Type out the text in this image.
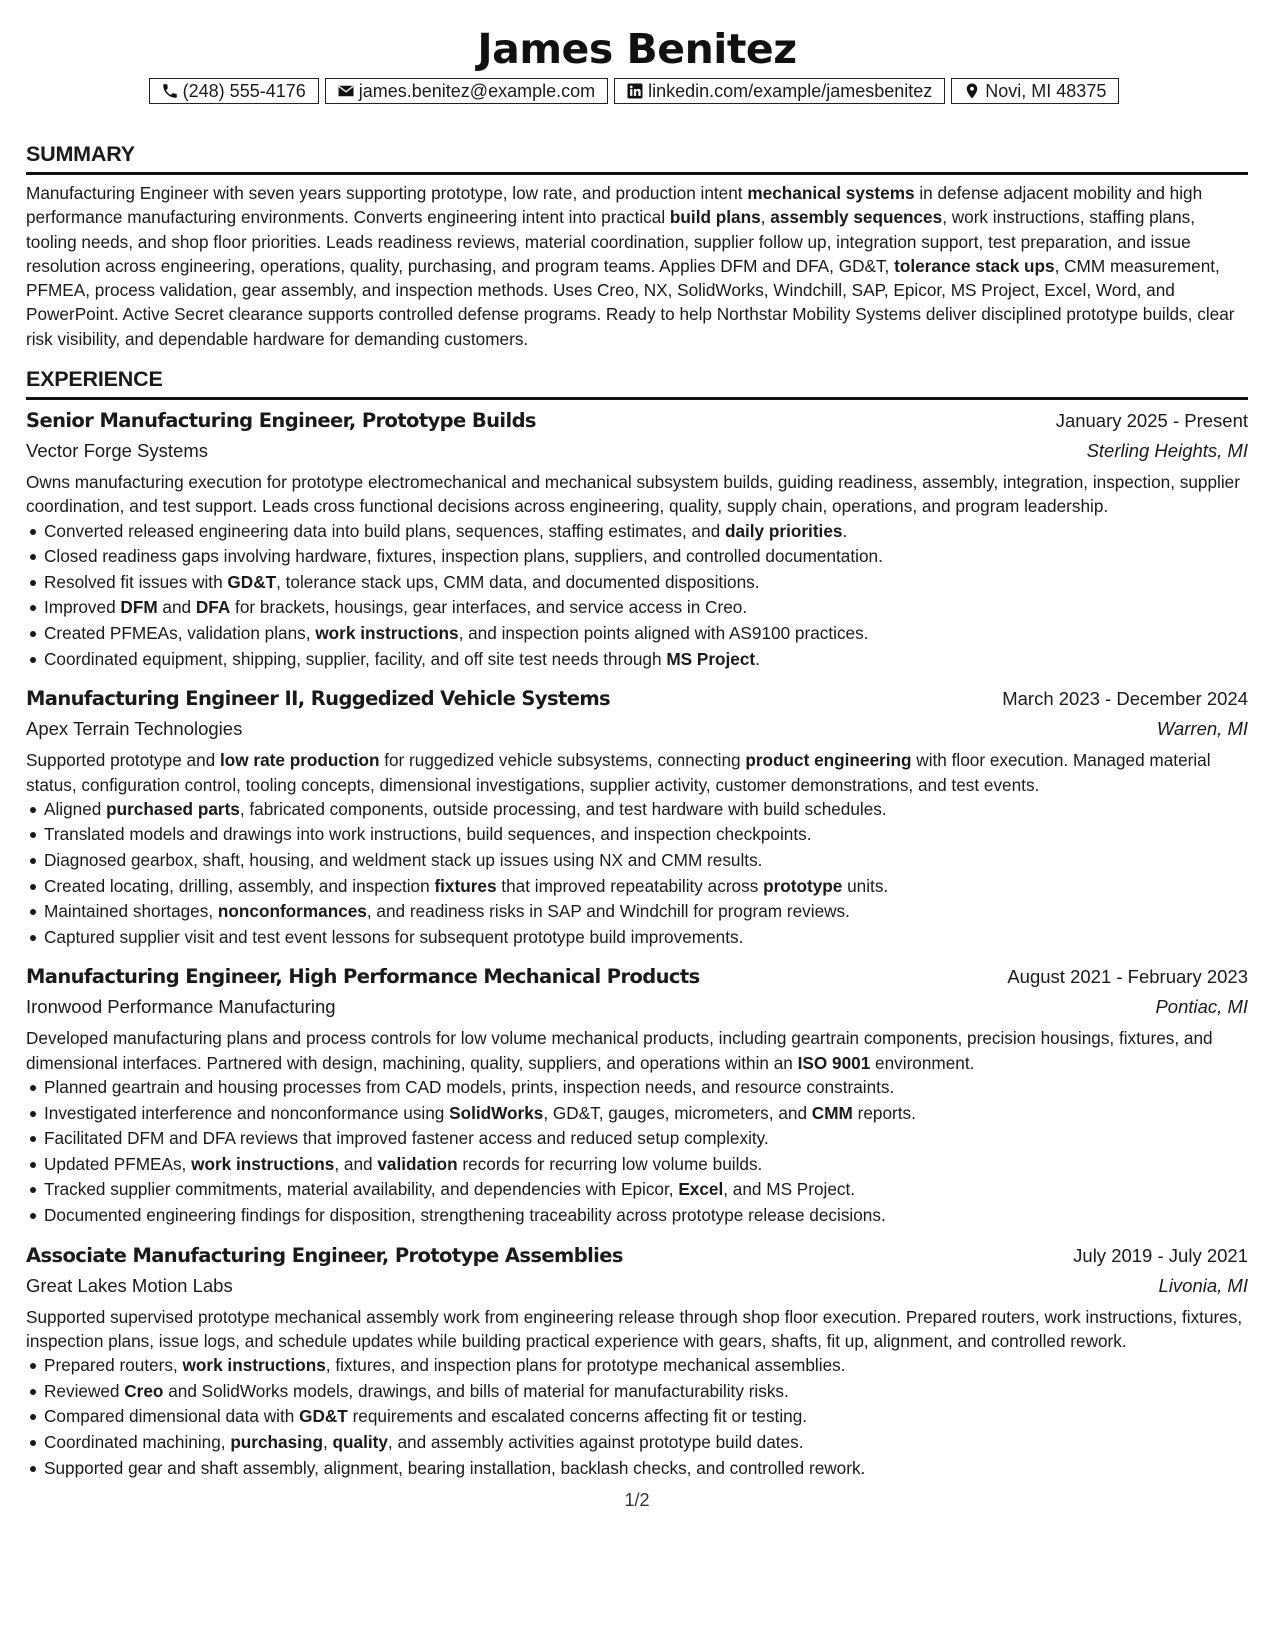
James Benitez
(248) 555-4176	james.benitez@example.com	linkedin.com/example/jamesbenitez	Novi, MI 48375
SUMMARY
Manufacturing Engineer with seven years supporting prototype, low rate, and production intent mechanical systems in defense adjacent mobility and high performance manufacturing environments. Converts engineering intent into practical build plans, assembly sequences, work instructions, staffing plans, tooling needs, and shop floor priorities. Leads readiness reviews, material coordination, supplier follow up, integration support, test preparation, and issue resolution across engineering, operations, quality, purchasing, and program teams. Applies DFM and DFA, GD&T, tolerance stack ups, CMM measurement, PFMEA, process validation, gear assembly, and inspection methods. Uses Creo, NX, SolidWorks, Windchill, SAP, Epicor, MS Project, Excel, Word, and PowerPoint. Active Secret clearance supports controlled defense programs. Ready to help Northstar Mobility Systems deliver disciplined prototype builds, clear risk visibility, and dependable hardware for demanding customers.
EXPERIENCE
Senior Manufacturing Engineer, Prototype Builds	January 2025 - Present
Vector Forge Systems	Sterling Heights, MI
Owns manufacturing execution for prototype electromechanical and mechanical subsystem builds, guiding readiness, assembly, integration, inspection, supplier coordination, and test support. Leads cross functional decisions across engineering, quality, supply chain, operations, and program leadership.
Converted released engineering data into build plans, sequences, staffing estimates, and daily priorities.
Closed readiness gaps involving hardware, fixtures, inspection plans, suppliers, and controlled documentation.
Resolved fit issues with GD&T, tolerance stack ups, CMM data, and documented dispositions.
Improved DFM and DFA for brackets, housings, gear interfaces, and service access in Creo.
Created PFMEAs, validation plans, work instructions, and inspection points aligned with AS9100 practices.
Coordinated equipment, shipping, supplier, facility, and off site test needs through MS Project.
Manufacturing Engineer II, Ruggedized Vehicle Systems	March 2023 - December 2024
Apex Terrain Technologies	Warren, MI
Supported prototype and low rate production for ruggedized vehicle subsystems, connecting product engineering with floor execution. Managed material status, configuration control, tooling concepts, dimensional investigations, supplier activity, customer demonstrations, and test events.
Aligned purchased parts, fabricated components, outside processing, and test hardware with build schedules.
Translated models and drawings into work instructions, build sequences, and inspection checkpoints.
Diagnosed gearbox, shaft, housing, and weldment stack up issues using NX and CMM results.
Created locating, drilling, assembly, and inspection fixtures that improved repeatability across prototype units.
Maintained shortages, nonconformances, and readiness risks in SAP and Windchill for program reviews.
Captured supplier visit and test event lessons for subsequent prototype build improvements.
Manufacturing Engineer, High Performance Mechanical Products	August 2021 - February 2023
Ironwood Performance Manufacturing	Pontiac, MI
Developed manufacturing plans and process controls for low volume mechanical products, including geartrain components, precision housings, fixtures, and dimensional interfaces. Partnered with design, machining, quality, suppliers, and operations within an ISO 9001 environment.
Planned geartrain and housing processes from CAD models, prints, inspection needs, and resource constraints.
Investigated interference and nonconformance using SolidWorks, GD&T, gauges, micrometers, and CMM reports.
Facilitated DFM and DFA reviews that improved fastener access and reduced setup complexity.
Updated PFMEAs, work instructions, and validation records for recurring low volume builds.
Tracked supplier commitments, material availability, and dependencies with Epicor, Excel, and MS Project.
Documented engineering findings for disposition, strengthening traceability across prototype release decisions.
Associate Manufacturing Engineer, Prototype Assemblies	July 2019 - July 2021
Great Lakes Motion Labs	Livonia, MI
Supported supervised prototype mechanical assembly work from engineering release through shop floor execution. Prepared routers, work instructions, fixtures, inspection plans, issue logs, and schedule updates while building practical experience with gears, shafts, fit up, alignment, and controlled rework.
Prepared routers, work instructions, fixtures, and inspection plans for prototype mechanical assemblies.
Reviewed Creo and SolidWorks models, drawings, and bills of material for manufacturability risks.
Compared dimensional data with GD&T requirements and escalated concerns affecting fit or testing.
Coordinated machining, purchasing, quality, and assembly activities against prototype build dates.
Supported gear and shaft assembly, alignment, bearing installation, backlash checks, and controlled rework.
1/2
